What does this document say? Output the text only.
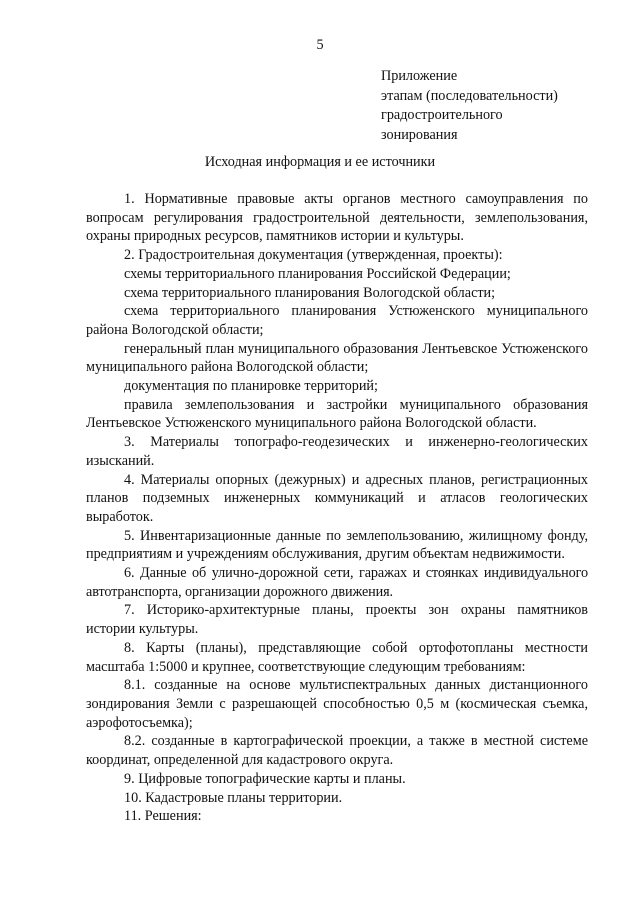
5
Приложение
этапам (последовательности)
градостроительного
зонирования
Исходная информация и ее источники

1. Нормативные правовые акты органов местного самоуправления по вопросам регулирования градостроительной деятельности, землепользования, охраны природных ресурсов, памятников истории и культуры.

2. Градостроительная документация (утвержденная, проекты):

схемы территориального планирования Российской Федерации;

схема территориального планирования Вологодской области;

схема территориального планирования Устюженского муниципального района Вологодской области;

генеральный план муниципального образования Лентьевское Устюженского муниципального района Вологодской области;

документация по планировке территорий;

правила землепользования и застройки муниципального образования Лентьевское Устюженского муниципального района Вологодской области.

3. Материалы топографо-геодезических и инженерно-геологических изысканий.

4. Материалы опорных (дежурных) и адресных планов, регистрационных планов подземных инженерных коммуникаций и атласов геологических выработок.

5. Инвентаризационные данные по землепользованию, жилищному фонду, предприятиям и учреждениям обслуживания, другим объектам недвижимости.

6. Данные об улично-дорожной сети, гаражах и стоянках индивидуального автотранспорта, организации дорожного движения.

7. Историко-архитектурные планы, проекты зон охраны памятников истории культуры.

8. Карты (планы), представляющие собой ортофотопланы местности масштаба 1:5000 и крупнее, соответствующие следующим требованиям:

8.1. созданные на основе мультиспектральных данных дистанционного зондирования Земли с разрешающей способностью 0,5 м (космическая съемка, аэрофотосъемка);

8.2. созданные в картографической проекции, а также в местной системе координат, определенной для кадастрового округа.

9. Цифровые топографические карты и планы.

10. Кадастровые планы территории.

11. Решения:
